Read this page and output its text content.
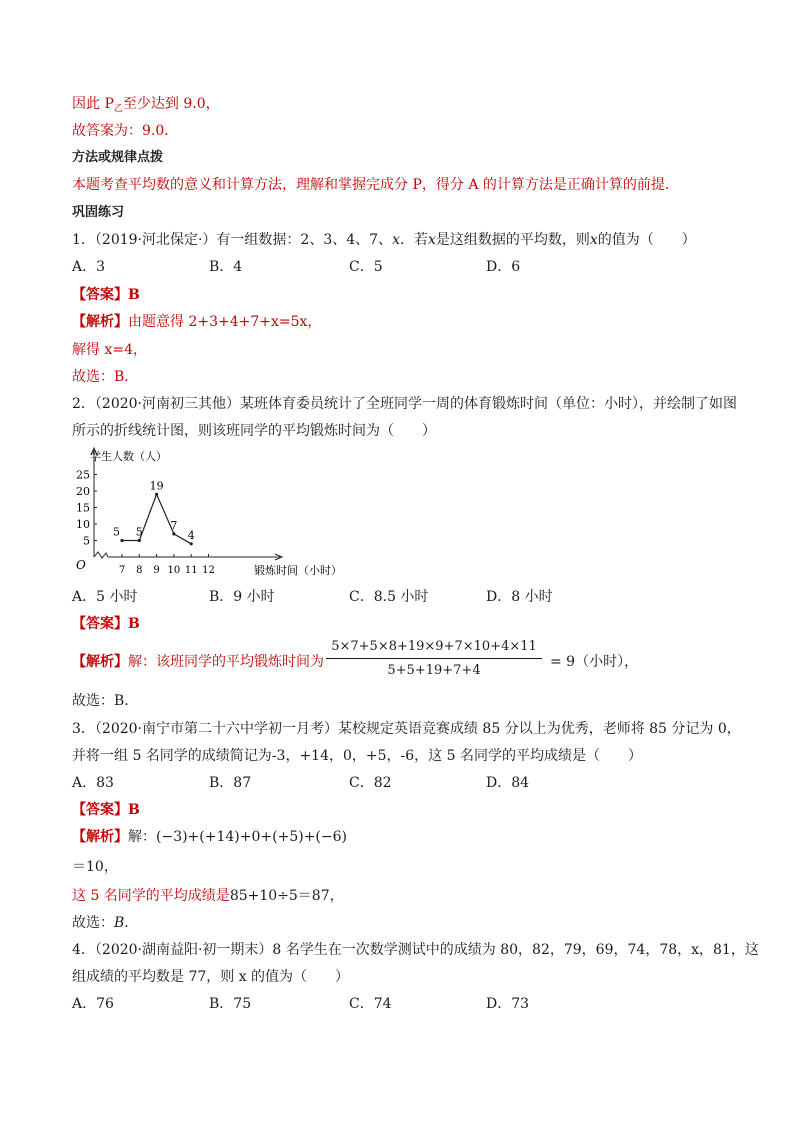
因此 $P_乙$至少达到 9.0，
故答案为：9.0．
方法或规律点拨
本题考查平均数的意义和计算方法，理解和掌握完成分 P，得分 A 的计算方法是正确计算的前提．
巩固练习
1．（2019·河北保定·）有一组数据：2、3、4、7、x．若x是这组数据的平均数，则x的值为（　　）
A．3	B．4	C．5	D．6
【答案】B
【解析】由题意得 2+3+4+7+x=5x，
解得 x=4，
故选：B．
2．（2020·河南初三其他）某班体育委员统计了全班同学一周的体育锻炼时间（单位：小时），并绘制了如图
所示的折线统计图，则该班同学的平均锻炼时间为（　　）
学生人数（人）
锻炼时间（小时）
O
5
10
15
20
25
7 8 9 10 11 12
5 5
19
7
4
A．5 小时	B．9 小时	C．8.5 小时	D．8 小时
【答案】B
【解析】解：该班同学的平均锻炼时间为 $\frac{5\times 7+5\times 8+19\times 9+7\times 10+4\times 11}{5+5+19+7+4} = 9$（小时），
故选：B．
3．（2020·南宁市第二十六中学初一月考）某校规定英语竞赛成绩 85 分以上为优秀，老师将 85 分记为 0，
并将一组 5 名同学的成绩简记为-3，+14，0，+5，-6，这 5 名同学的平均成绩是（　　）
A．83	B．87	C．82	D．84
【答案】B
【解析】解：(−3)+(+14)+0+(+5)+(−6)
＝10，
这 5 名同学的平均成绩是85+10÷5＝87，
故选：B．
4．（2020·湖南益阳·初一期末）8 名学生在一次数学测试中的成绩为 80，82，79，69，74，78，x，81，这
组成绩的平均数是 77，则 x 的值为（　　）
A．76	B．75	C．74	D．73
